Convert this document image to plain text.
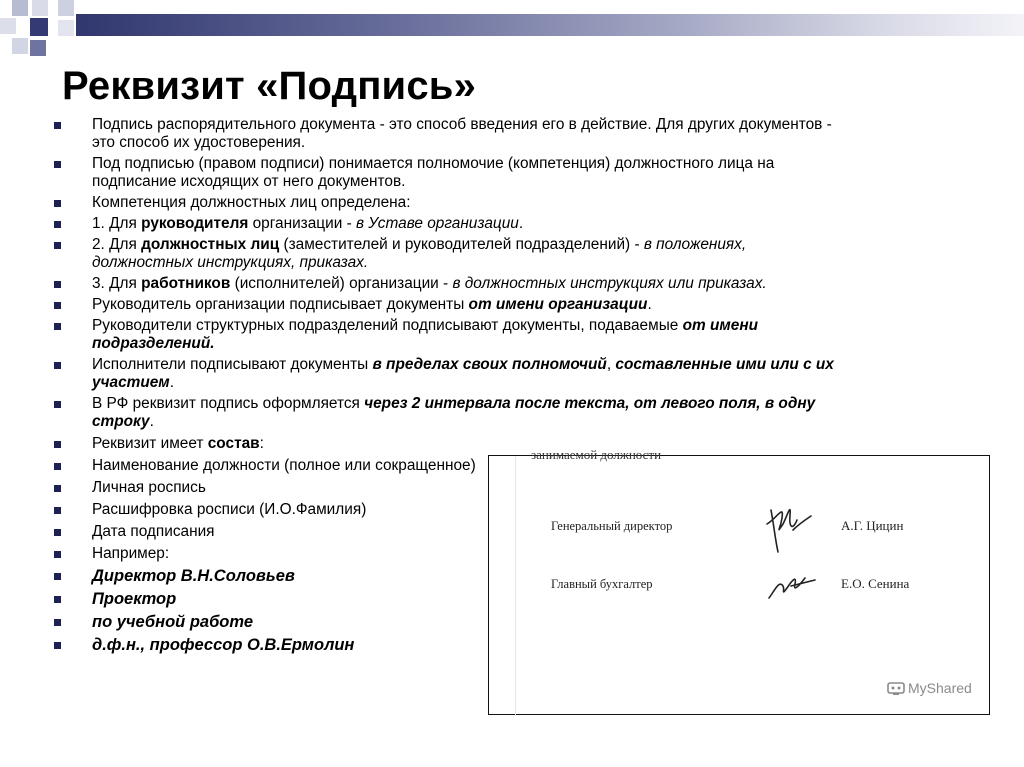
Реквизит «Подпись»
Подпись распорядительного документа - это способ введения его в действие. Для других документов - это способ их удостоверения.
Под подписью (правом подписи) понимается полномочие (компетенция) должностного лица на подписание исходящих от него документов.
Компетенция должностных лиц определена:
1. Для руководителя организации - в Уставе организации.
2. Для должностных лиц (заместителей и руководителей подразделений) - в положениях, должностных инструкциях, приказах.
3. Для работников (исполнителей) организации - в должностных инструкциях или приказах.
Руководитель организации подписывает документы от имени организации.
Руководители структурных подразделений подписывают документы, подаваемые от имени подразделений.
Исполнители подписывают документы в пределах своих полномочий, составленные ими или с их участием.
В РФ реквизит подпись оформляется через 2 интервала после текста, от левого поля, в одну строку.
Реквизит имеет состав:
Наименование должности (полное или сокращенное)
Личная роспись
Расшифровка росписи (И.О.Фамилия)
Дата подписания
Например:
Директор В.Н.Соловьев
Проектор
по учебной работе
д.ф.н., профессор О.В.Ермолин
занимаемой должности
Генеральный директор	А.Г. Цицин
Главный бухгалтер	Е.О. Сенина
MyShared
